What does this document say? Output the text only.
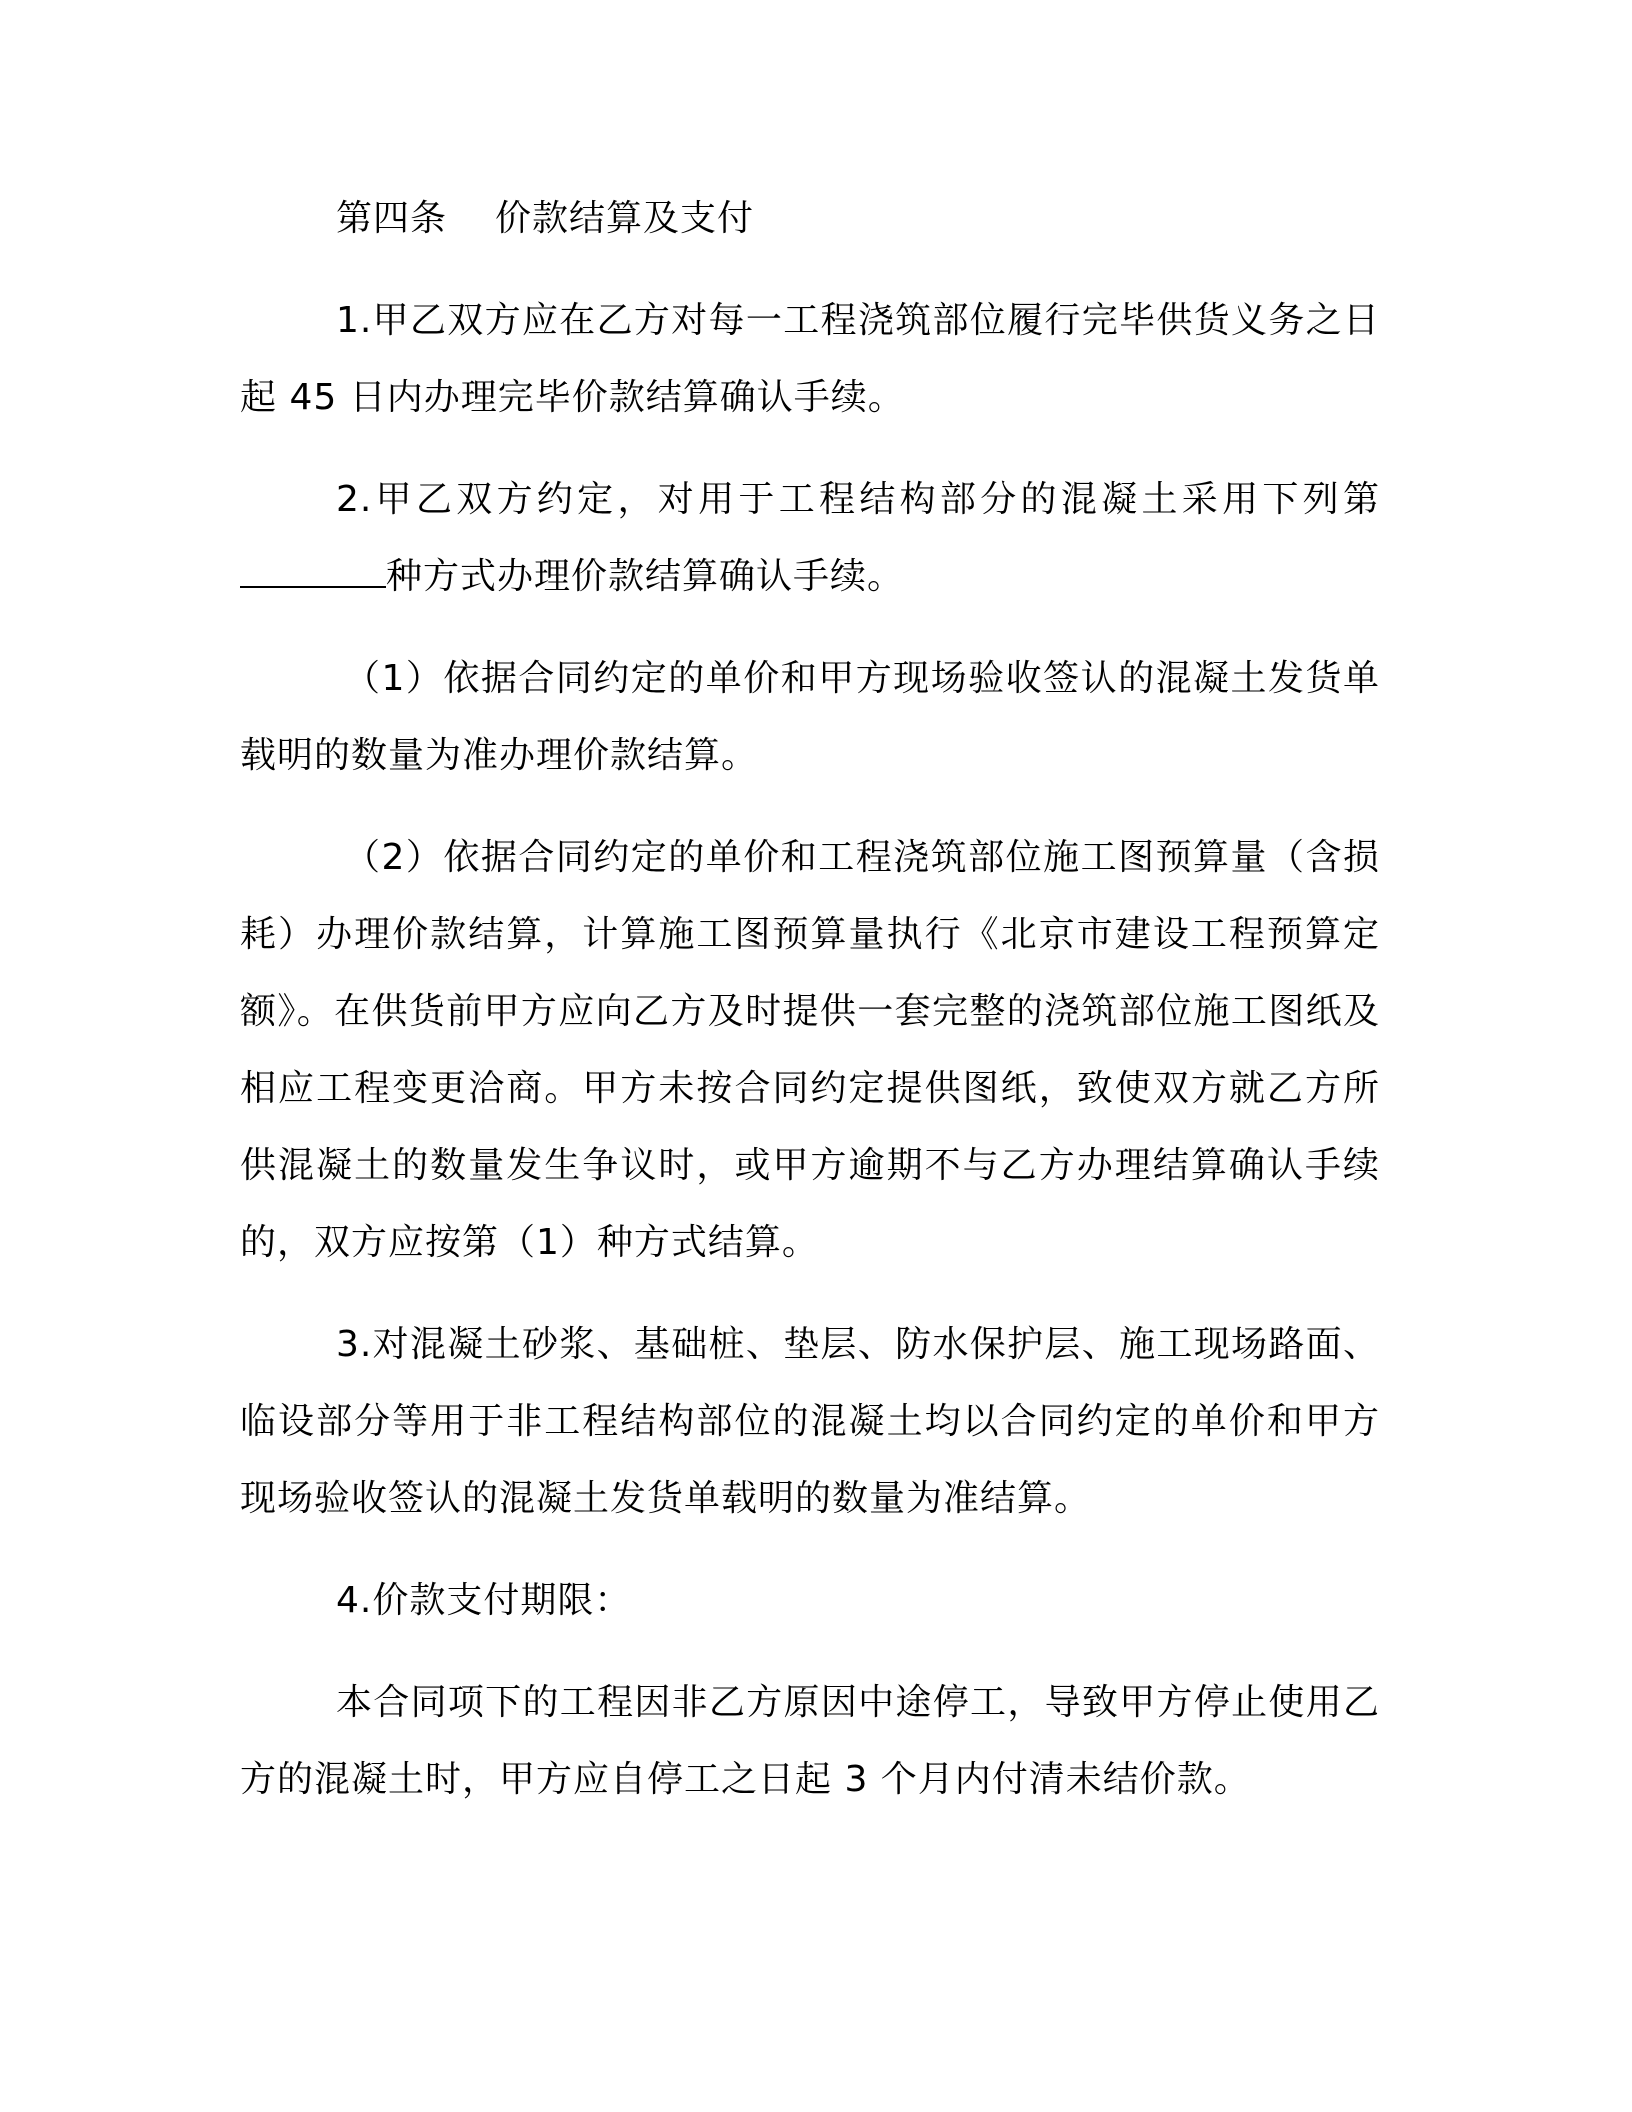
第四条 价款结算及支付

1.甲乙双方应在乙方对每一工程浇筑部位履行完毕供货义务之日起 45 日内办理完毕价款结算确认手续。

2.甲乙双方约定，对用于工程结构部分的混凝土采用下列第种方式办理价款结算确认手续。

（1）依据合同约定的单价和甲方现场验收签认的混凝土发货单载明的数量为准办理价款结算。

（2）依据合同约定的单价和工程浇筑部位施工图预算量（含损耗）办理价款结算，计算施工图预算量执行《北京市建设工程预算定额》。在供货前甲方应向乙方及时提供一套完整的浇筑部位施工图纸及相应工程变更洽商。甲方未按合同约定提供图纸，致使双方就乙方所供混凝土的数量发生争议时，或甲方逾期不与乙方办理结算确认手续的，双方应按第（1）种方式结算。

3.对混凝土砂浆、基础桩、垫层、防水保护层、施工现场路面、临设部分等用于非工程结构部位的混凝土均以合同约定的单价和甲方现场验收签认的混凝土发货单载明的数量为准结算。

4.价款支付期限：

本合同项下的工程因非乙方原因中途停工，导致甲方停止使用乙方的混凝土时，甲方应自停工之日起 3 个月内付清未结价款。
